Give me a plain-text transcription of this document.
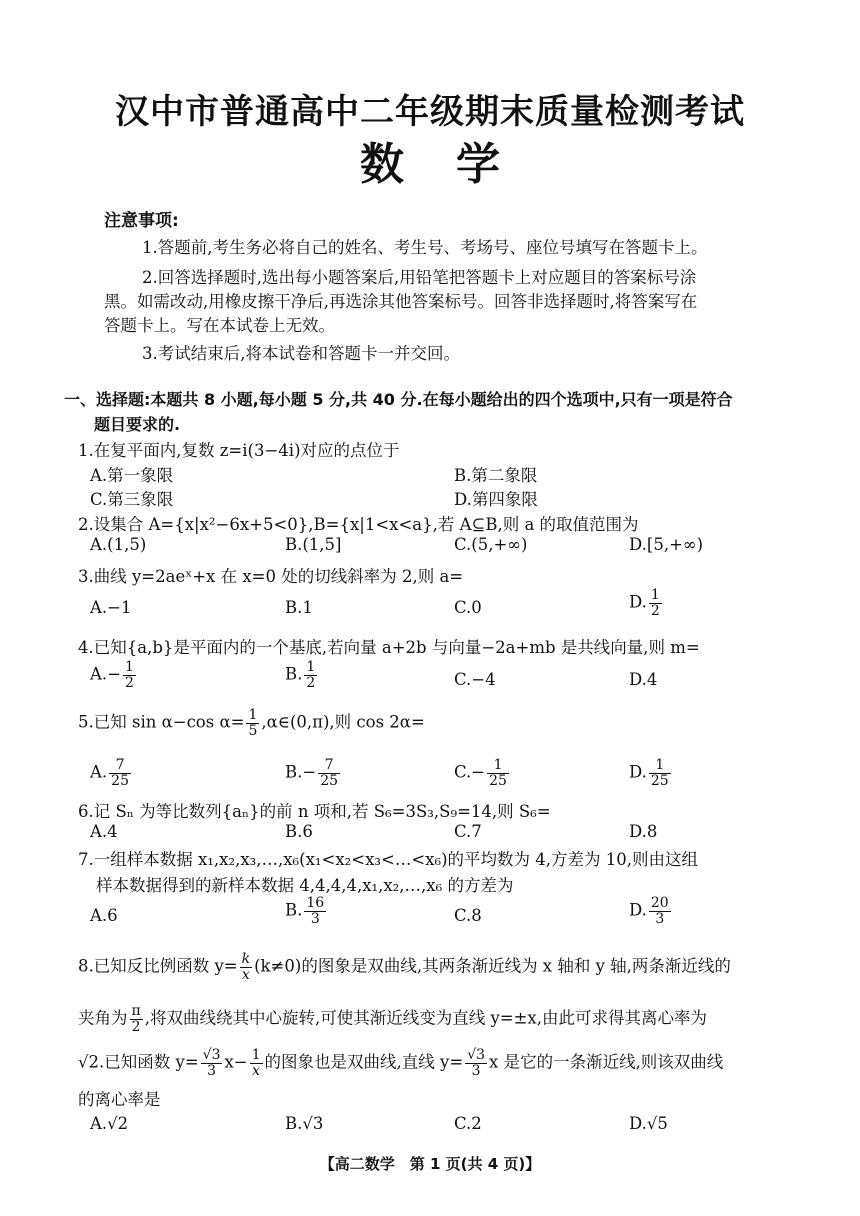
汉中市普通高中二年级期末质量检测考试
数学
注意事项:
1.答题前,考生务必将自己的姓名、考生号、考场号、座位号填写在答题卡上。
2.回答选择题时,选出每小题答案后,用铅笔把答题卡上对应题目的答案标号涂
黑。如需改动,用橡皮擦干净后,再选涂其他答案标号。回答非选择题时,将答案写在
答题卡上。写在本试卷上无效。
3.考试结束后,将本试卷和答题卡一并交回。
一、选择题:本题共 8 小题,每小题 5 分,共 40 分.在每小题给出的四个选项中,只有一项是符合
题目要求的.
1.在复平面内,复数 z=i(3−4i)对应的点位于
A.第一象限	B.第二象限
C.第三象限	D.第四象限
2.设集合 A={x|x²−6x+5<0},B={x|1<x<a},若 A⊆B,则 a 的取值范围为
A.(1,5)	B.(1,5]	C.(5,+∞)	D.[5,+∞)
3.曲线 y=2aeˣ+x 在 x=0 处的切线斜率为 2,则 a=
A.−1	B.1	C.0	D. $\frac{1}{2}$
4.已知{a,b}是平面内的一个基底,若向量 a+2b 与向量−2a+mb 是共线向量,则 m=
$A.- \frac{1}{2}$	B. $\frac{1}{2}$	C.−4	D.4
5.已知 sin α−cos $\alpha= \frac{1}{5}$ ,α∈(0,π),则 cos 2α=
A. $\frac{7}{25}$	$B.- \frac{7}{25}$	$C.- \frac{1}{25}$	D. $\frac{1}{25}$
6.记 Sₙ 为等比数列{aₙ}的前 n 项和,若 S₆=3S₃,S₉=14,则 S₆=
A.4	B.6	C.7	D.8
7.一组样本数据 x₁,x₂,x₃,…,x₆(x₁<x₂<x₃<…<x₆)的平均数为 4,方差为 10,则由这组
样本数据得到的新样本数据 4,4,4,4,x₁,x₂,…,x₆ 的方差为
A.6	B. $\frac{16}{3}$	C.8	D. $\frac{20}{3}$
8.已知反比例函数 $y= \frac{k}{x} (k\ne 0)$的图象是双曲线,其两条渐近线为 x 轴和 y 轴,两条渐近线的
夹角为 $\frac{\pi}{2}$ ,将双曲线绕其中心旋转,可使其渐近线变为直线 y=±x,由此可求得其离心率为
√2.已知函数 $y= \frac{√3}{3} x- \frac{1}{x}$ 的图象也是双曲线,直线 $y= \frac{√3}{3}$ x 是它的一条渐近线,则该双曲线
的离心率是
A.√2	B.√3	C.2	D.√5
【高二数学　第 1 页(共 4 页)】
